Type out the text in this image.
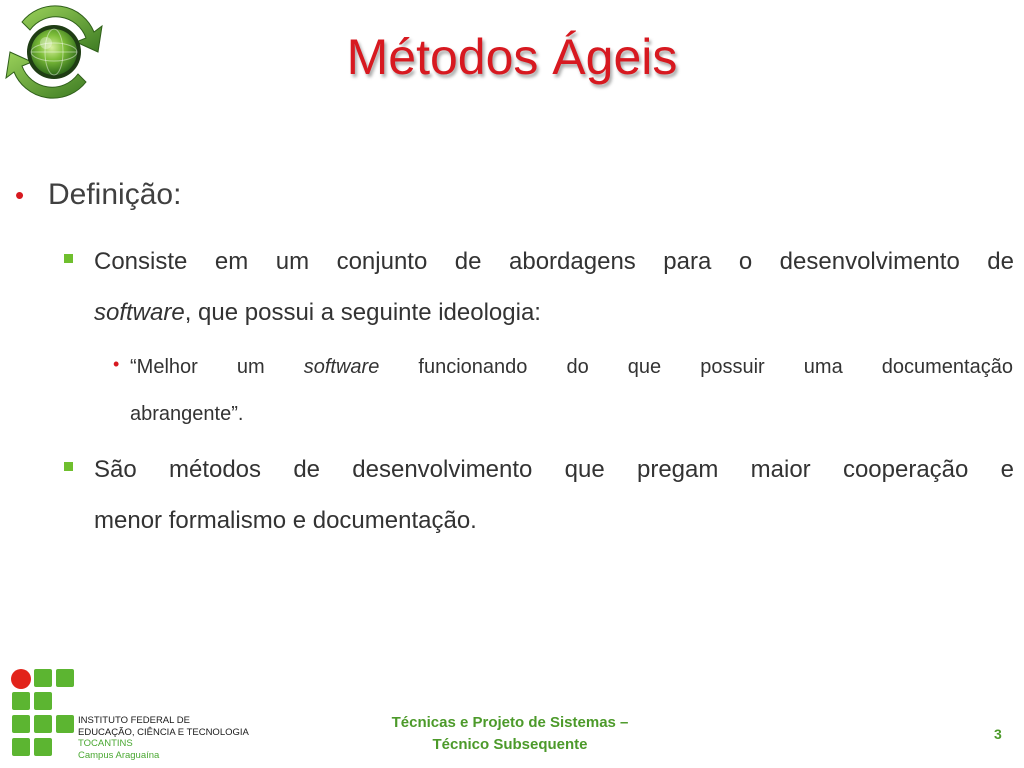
Métodos Ágeis
• Definição:
Consiste em um conjunto de abordagens para o desenvolvimento de
software, que possui a seguinte ideologia:
• “Melhor um software funcionando do que possuir uma documentação
abrangente”.
São métodos de desenvolvimento que pregam maior cooperação e
menor formalismo e documentação.
INSTITUTO FEDERAL DE
EDUCAÇÃO, CIÊNCIA E TECNOLOGIA
TOCANTINS
Campus Araguaína
Técnicas e Projeto de Sistemas –
Técnico Subsequente
3
